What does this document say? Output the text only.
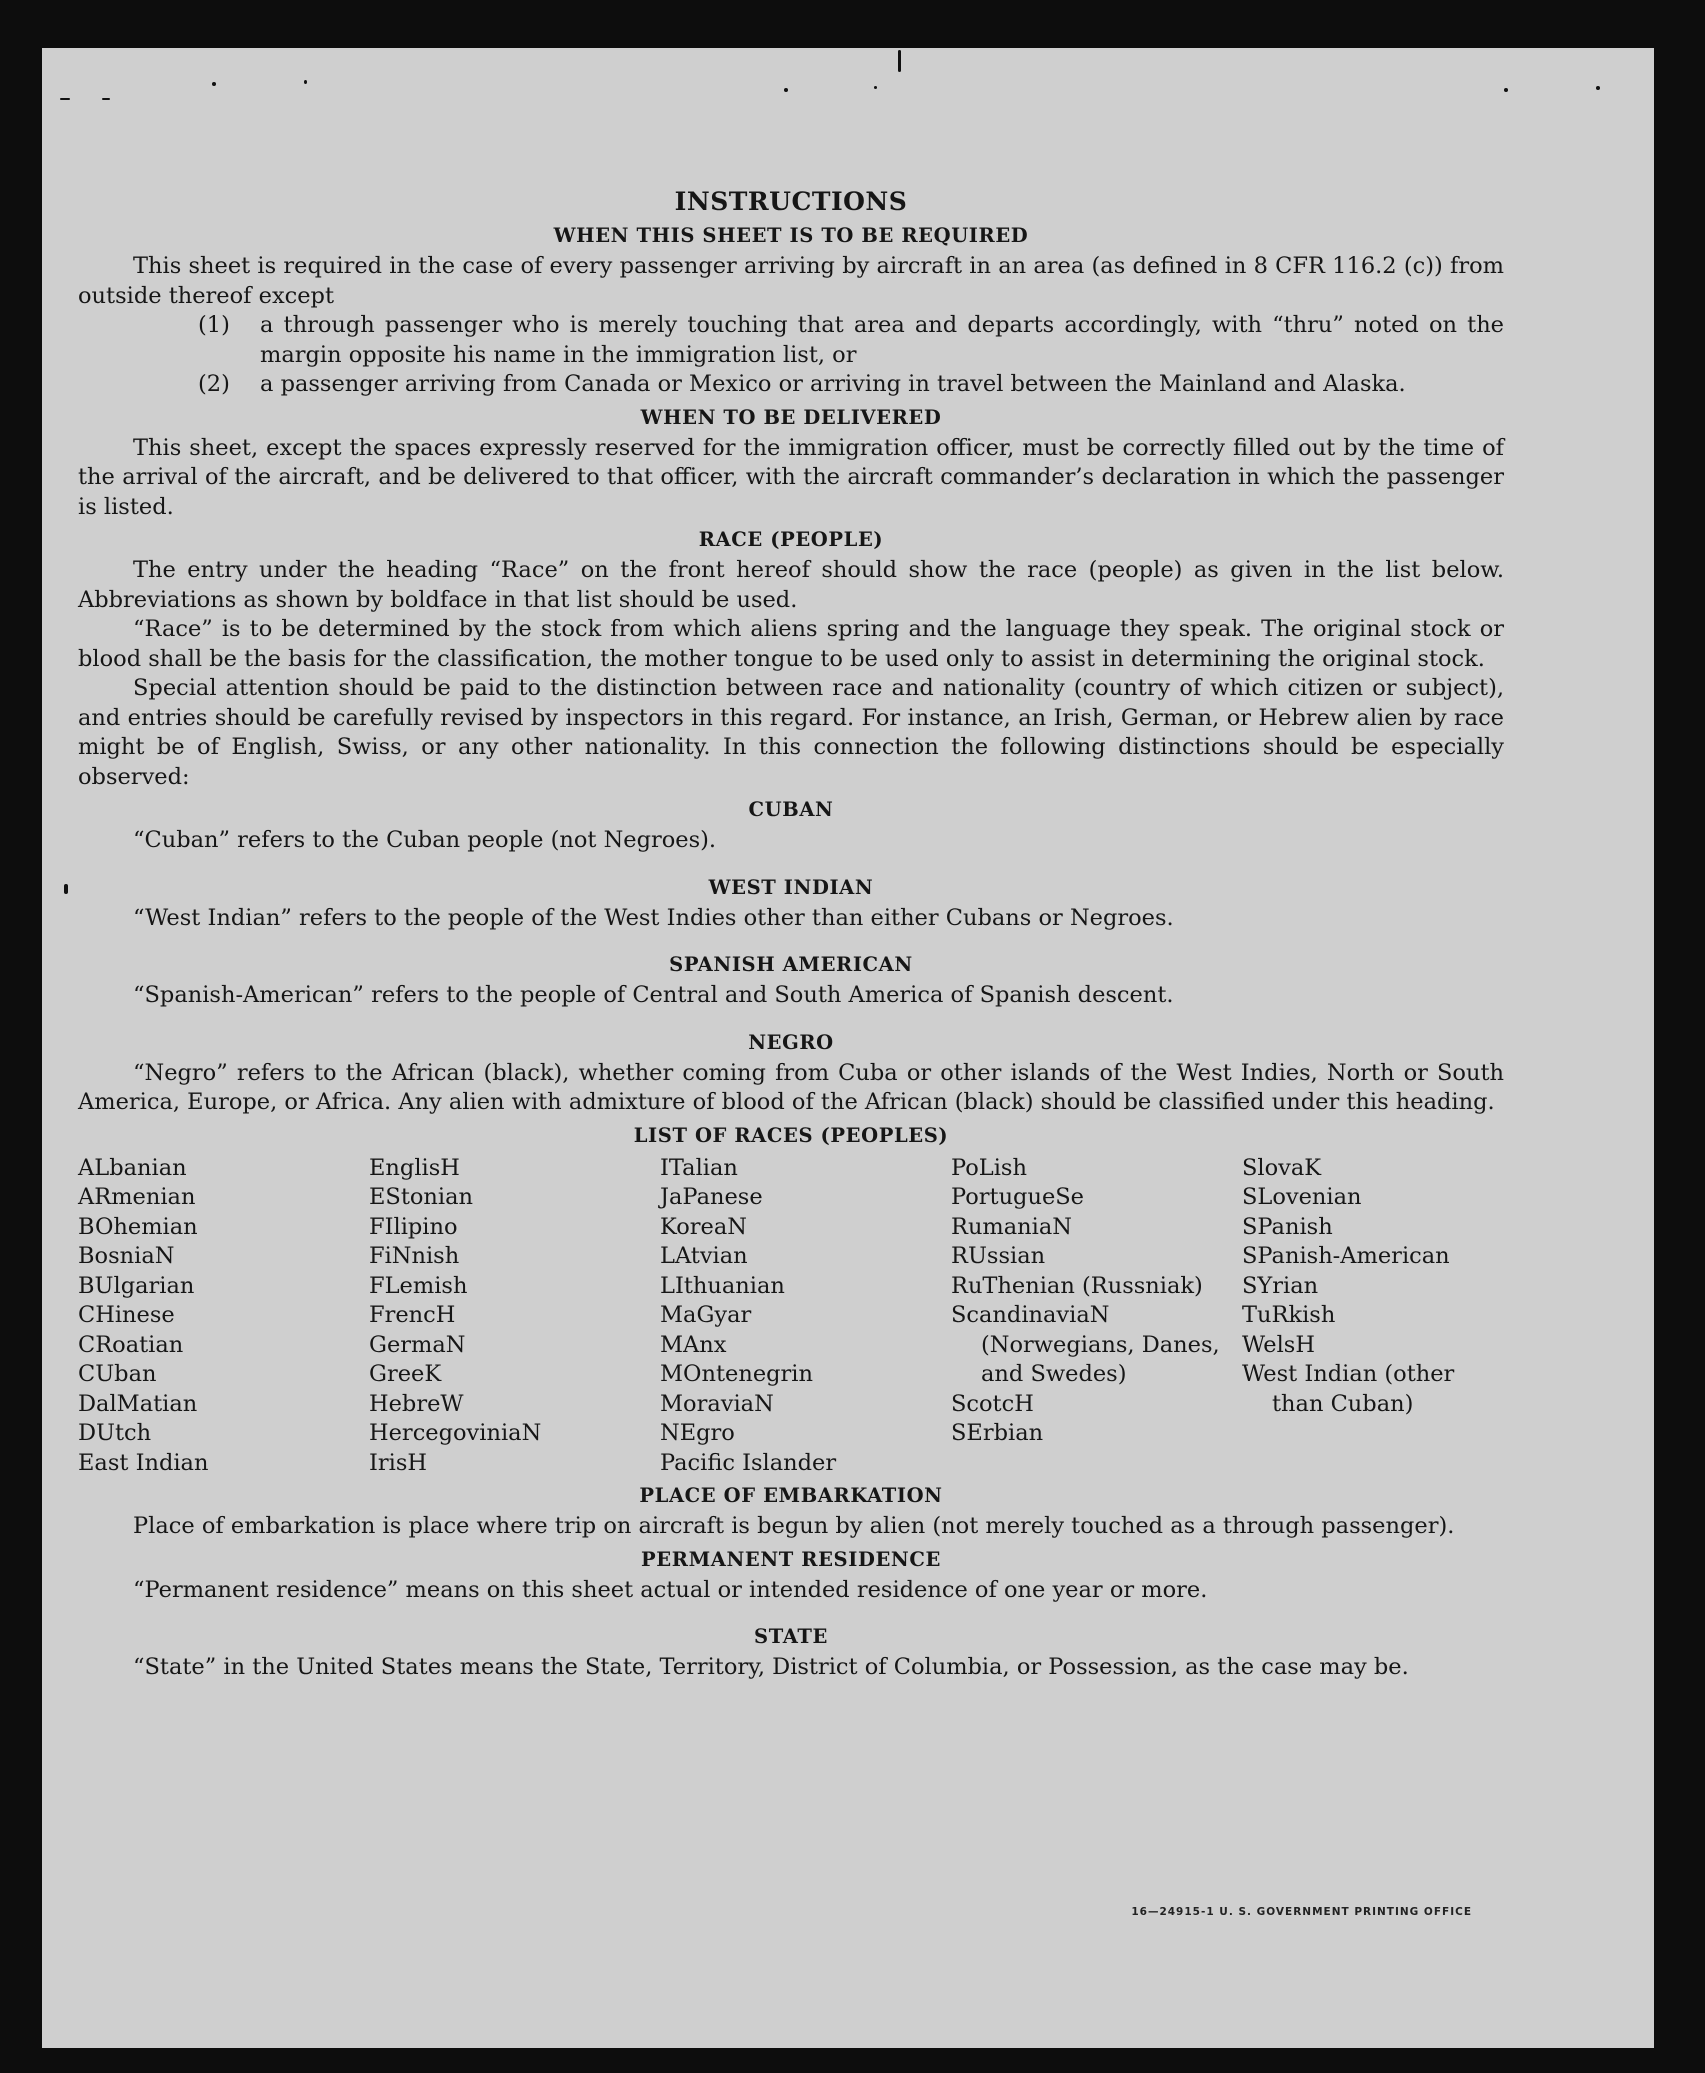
INSTRUCTIONS
WHEN THIS SHEET IS TO BE REQUIRED

This sheet is required in the case of every passenger arriving by aircraft in an area (as defined in 8 CFR 116.2 (c)) from outside thereof except

(1)	a through passenger who is merely touching that area and departs accordingly, with “thru” noted on the margin opposite his name in the immigration list, or
(2)	a passenger arriving from Canada or Mexico or arriving in travel between the Mainland and Alaska.
WHEN TO BE DELIVERED

This sheet, except the spaces expressly reserved for the immigration officer, must be correctly filled out by the time of the arrival of the aircraft, and be delivered to that officer, with the aircraft commander’s declaration in which the passenger is listed.

RACE (PEOPLE)

The entry under the heading “Race” on the front hereof should show the race (people) as given in the list below. Abbreviations as shown by boldface in that list should be used.

“Race” is to be determined by the stock from which aliens spring and the language they speak. The original stock or blood shall be the basis for the classification, the mother tongue to be used only to assist in determining the original stock.

Special attention should be paid to the distinction between race and nationality (country of which citizen or subject), and entries should be carefully revised by inspectors in this regard. For instance, an Irish, German, or Hebrew alien by race might be of English, Swiss, or any other nationality. In this connection the following distinctions should be especially observed:

CUBAN

“Cuban” refers to the Cuban people (not Negroes).

WEST INDIAN

“West Indian” refers to the people of the West Indies other than either Cubans or Negroes.

SPANISH AMERICAN

“Spanish-American” refers to the people of Central and South America of Spanish descent.

NEGRO

“Negro” refers to the African (black), whether coming from Cuba or other islands of the West Indies, North or South America, Europe, or Africa. Any alien with admixture of blood of the African (black) should be classified under this heading.

LIST OF RACES (PEOPLES)
ALbanian
ARmenian
BOhemian
BosniaN
BUlgarian
CHinese
CRoatian
CUban
DalMatian
DUtch
East Indian
EnglisH
EStonian
FIlipino
FiNnish
FLemish
FrencH
GermaN
GreeK
HebreW
HercegoviniaN
IrisH
ITalian
JaPanese
KoreaN
LAtvian
LIthuanian
MaGyar
MAnx
MOntenegrin
MoraviaN
NEgro
Pacific Islander
PoLish
PortugueSe
RumaniaN
RUssian
RuThenian (Russniak)
ScandinaviaN (Norwegians, Danes, and Swedes)
ScotcH
SErbian
SlovaK
SLovenian
SPanish
SPanish-American
SYrian
TuRkish
WelsH
West Indian (other than Cuban)
PLACE OF EMBARKATION

Place of embarkation is place where trip on aircraft is begun by alien (not merely touched as a through passenger).

PERMANENT RESIDENCE

“Permanent residence” means on this sheet actual or intended residence of one year or more.

STATE

“State” in the United States means the State, Territory, District of Columbia, or Possession, as the case may be.

16—24915-1 U. S. GOVERNMENT PRINTING OFFICE
